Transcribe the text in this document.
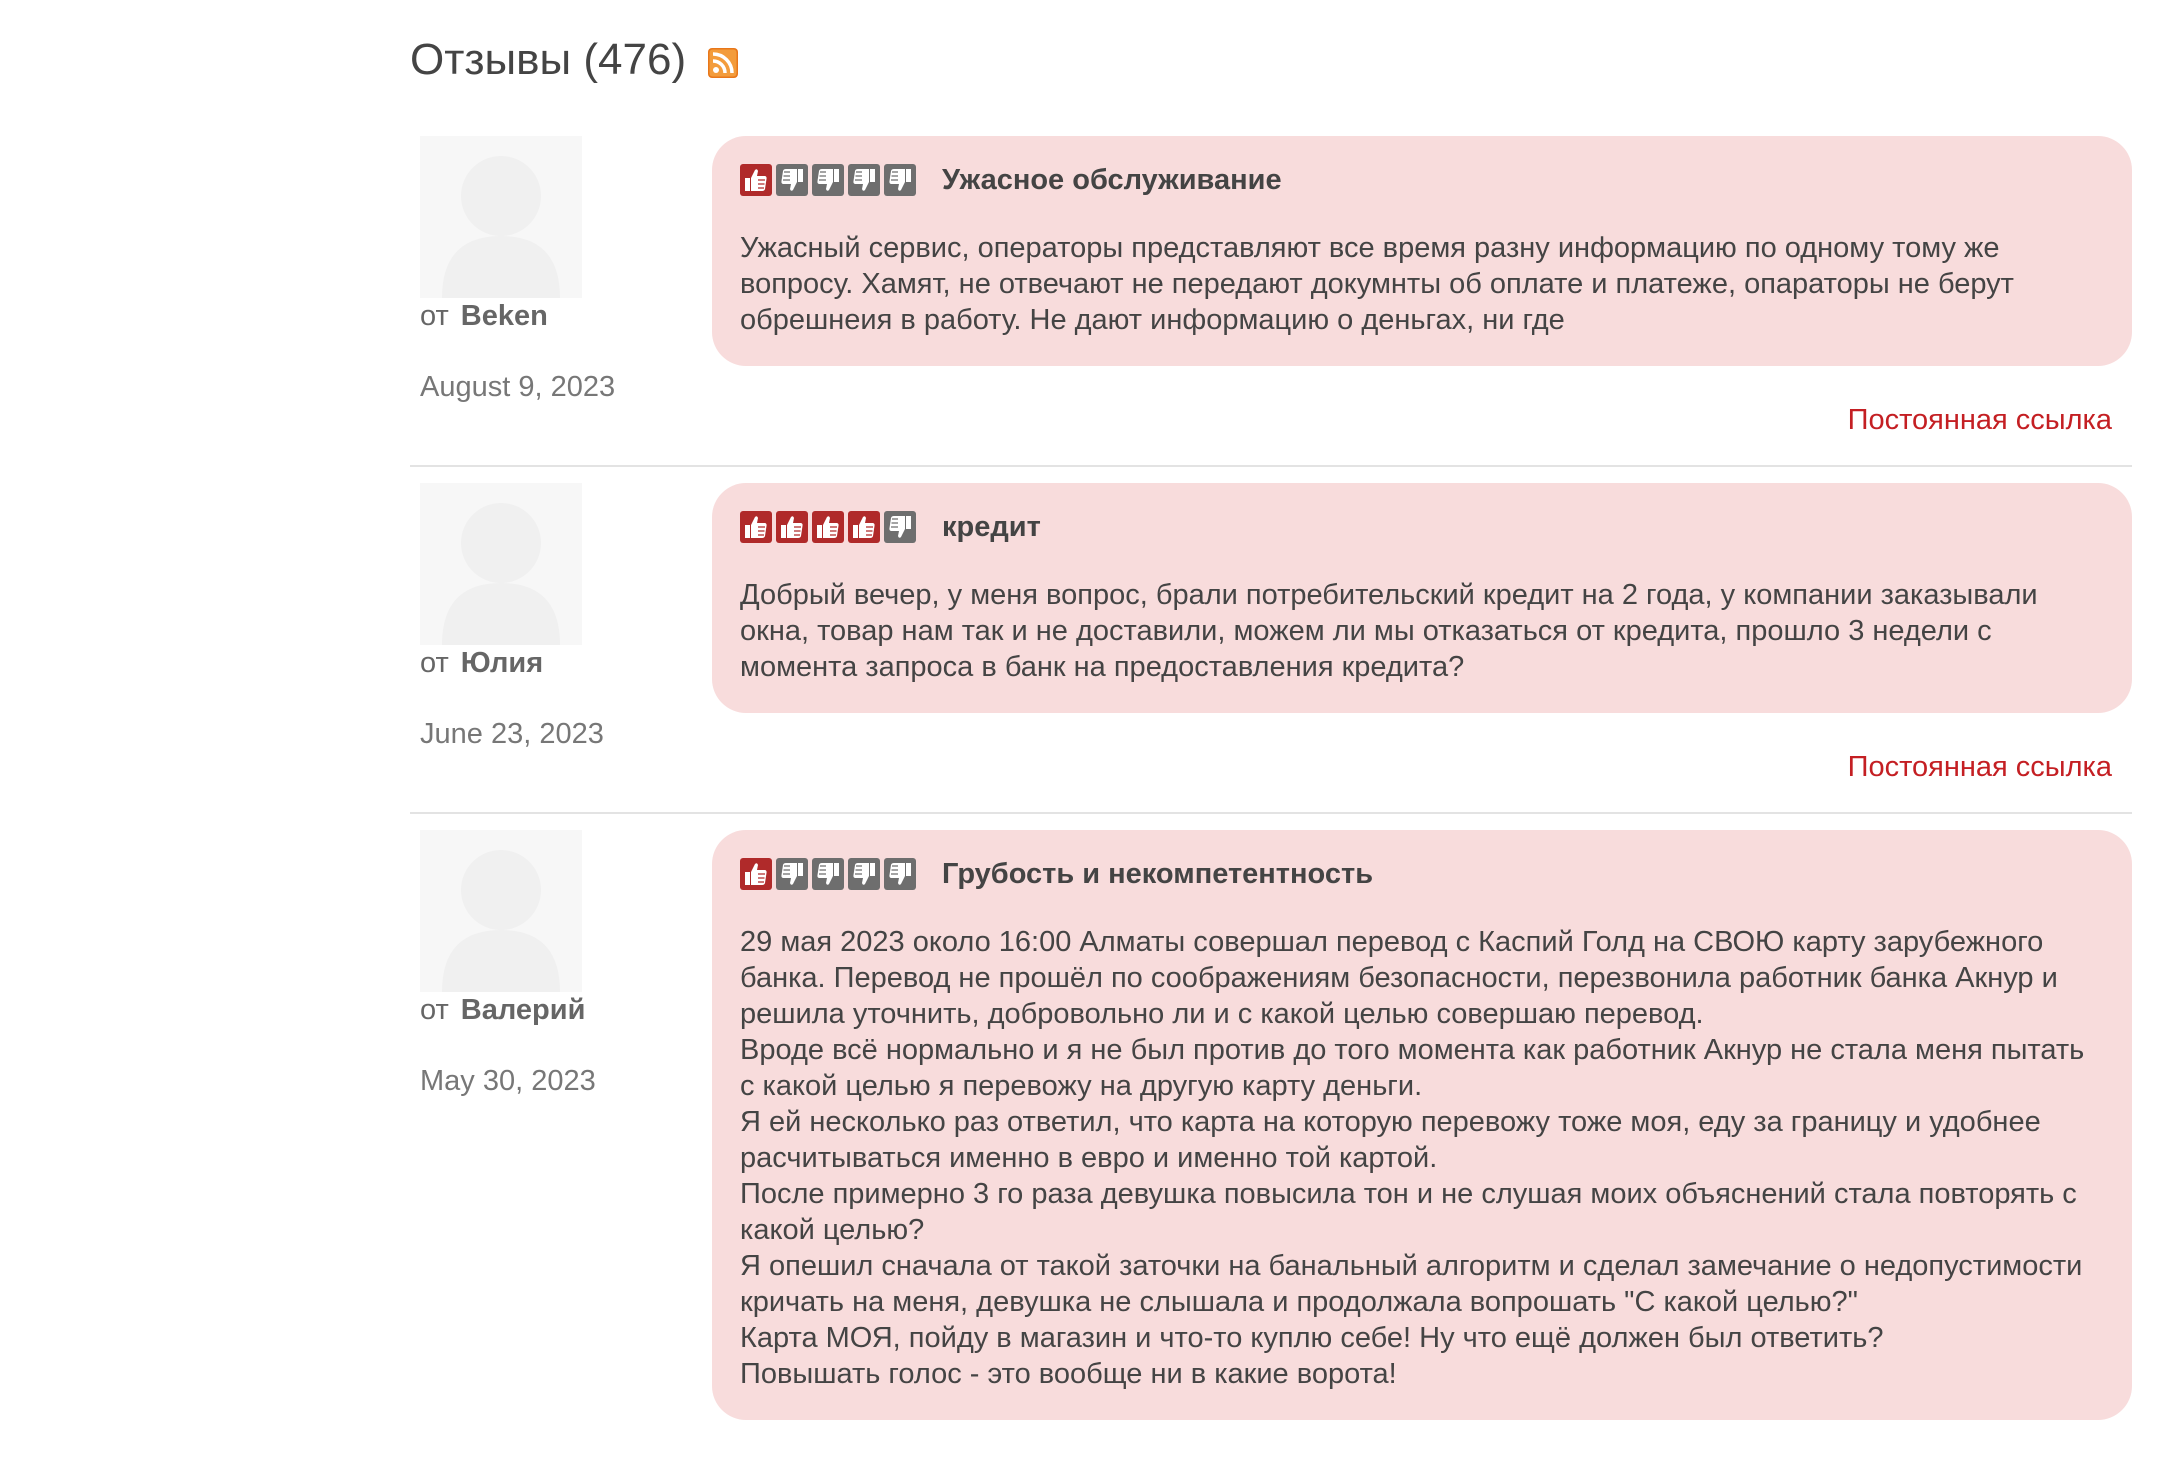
Отзывы (476)
от Beken
August 9, 2023
Ужасное обслуживание
Ужасный сервис, операторы представляют все время разну информацию по одному тому же вопросу. Хамят, не отвечают не передают докумнты об оплате и платеже, опараторы не берут обрешнеия в работу. Не дают информацию о деньгах, ни где
Постоянная ссылка
от Юлия
June 23, 2023
кредит
Добрый вечер, у меня вопрос, брали потребительский кредит на 2 года, у компании заказывали окна, товар нам так и не доставили, можем ли мы отказаться от кредита, прошло 3 недели с момента запроса в банк на предоставления кредита?
Постоянная ссылка
от Валерий
May 30, 2023
Грубость и некомпетентность
29 мая 2023 около 16:00 Алматы совершал перевод с Каспий Голд на СВОЮ карту зарубежного банка. Перевод не прошёл по соображениям безопасности, перезвонила работник банка Акнур и решила уточнить, добровольно ли и с какой целью совершаю перевод.
Вроде всё нормально и я не был против до того момента как работник Акнур не стала меня пытать с какой целью я перевожу на другую карту деньги.
Я ей несколько раз ответил, что карта на которую перевожу тоже моя, еду за границу и удобнее расчитываться именно в евро и именно той картой.
После примерно 3 го раза девушка повысила тон и не слушая моих объяснений стала повторять с какой целью?
Я опешил сначала от такой заточки на банальный алгоритм и сделал замечание о недопустимости кричать на меня, девушка не слышала и продолжала вопрошать "С какой целью?"
Карта МОЯ, пойду в магазин и что-то куплю себе! Ну что ещё должен был ответить?
Повышать голос - это вообще ни в какие ворота!
